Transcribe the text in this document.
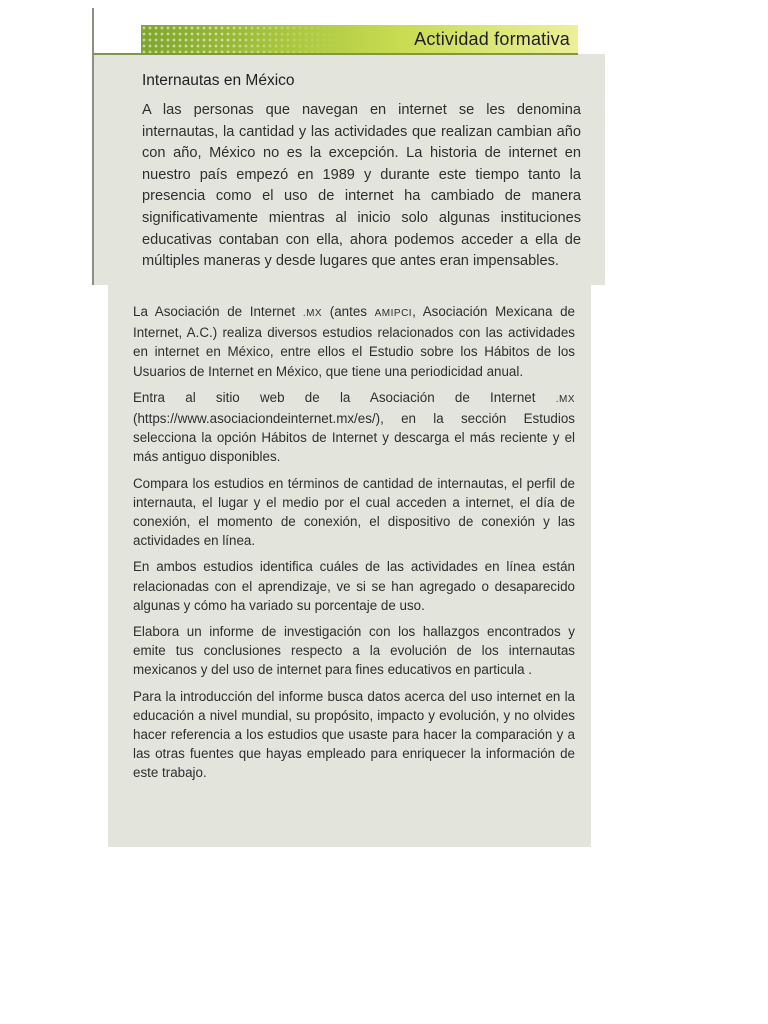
Actividad formativa
Internautas en México
A las personas que navegan en internet se les denomina internautas, la cantidad y las actividades que realizan cambian año con año, México no es la excepción. La historia de internet en nuestro país empezó en 1989 y durante este tiempo tanto la presencia como el uso de internet ha cambiado de manera significativamente mientras al inicio solo algunas instituciones educativas contaban con ella, ahora podemos acceder a ella de múltiples maneras y desde lugares que antes eran impensables.

La Asociación de Internet .MX (antes AMIPCI, Asociación Mexicana de Internet, A.C.) realiza diversos estudios relacionados con las actividades en internet en México, entre ellos el Estudio sobre los Hábitos de los Usuarios de Internet en México, que tiene una periodicidad anual.

Entra al sitio web de la Asociación de Internet .MX (https://www.asociaciondeinternet.mx/es/), en la sección Estudios selecciona la opción Hábitos de Internet y descarga el más reciente y el más antiguo disponibles.

Compara los estudios en términos de cantidad de internautas, el perfil de internauta, el lugar y el medio por el cual acceden a internet, el día de conexión, el momento de conexión, el dispositivo de conexión y las actividades en línea.

En ambos estudios identifica cuáles de las actividades en línea están relacionadas con el aprendizaje, ve si se han agregado o desaparecido algunas y cómo ha variado su porcentaje de uso.

Elabora un informe de investigación con los hallazgos encontrados y emite tus conclusiones respecto a la evolución de los internautas mexicanos y del uso de internet para fines educativos en particula .

Para la introducción del informe busca datos acerca del uso internet en la educación a nivel mundial, su propósito, impacto y evolución, y no olvides hacer referencia a los estudios que usaste para hacer la comparación y a las otras fuentes que hayas empleado para enriquecer la información de este trabajo.
